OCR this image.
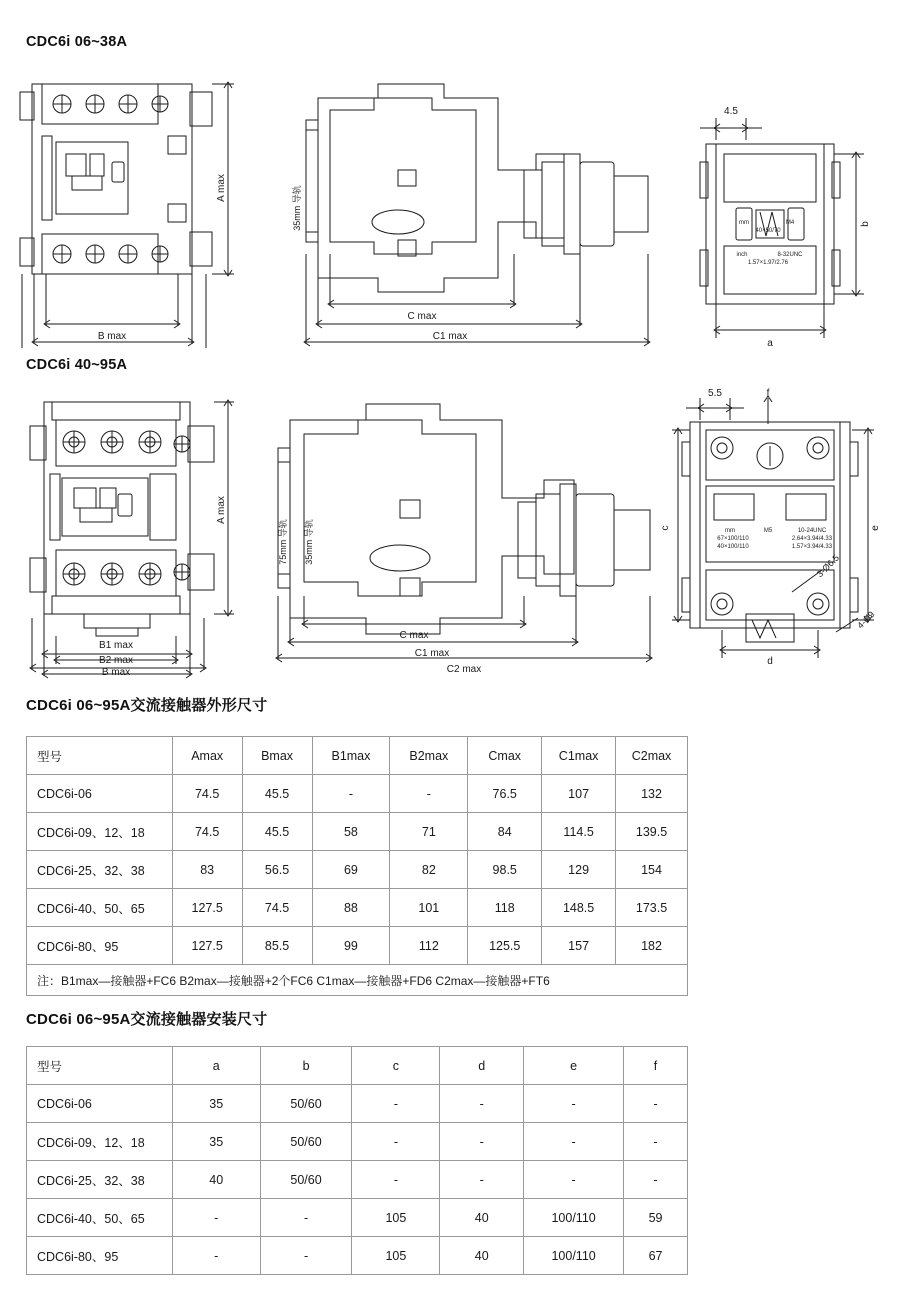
CDC6i 06~38A
A max
B max
35mm 导轨
C max
C1 max
4.5
b
a
mm	M4
40×50/70
inch	8-32UNC
1.57×1.97/2.76
CDC6i 40~95A
A max
B max
B1 max
B2 max
75mm 导轨 35mm 导轨
C max
C1 max
C2 max
5.5	f
c	e
d
3-Ø6.5
4-Ø9
mm	M5	10-24UNC
67×100/110	2.64×3.94/4.33
40×100/110	1.57×3.94/4.33
CDC6i 06~95A交流接触器外形尺寸
型号	Amax	Bmax	B1max	B2max	Cmax	C1max	C2max
CDC6i-06	74.5	45.5	-	-	76.5	107	132
CDC6i-09、12、18	74.5	45.5	58	71	84	114.5	139.5
CDC6i-25、32、38	83	56.5	69	82	98.5	129	154
CDC6i-40、50、65	127.5	74.5	88	101	118	148.5	173.5
CDC6i-80、95	127.5	85.5	99	112	125.5	157	182
注：B1max—接触器+FC6 B2max—接触器+2个FC6 C1max—接触器+FD6 C2max—接触器+FT6							
CDC6i 06~95A交流接触器安装尺寸
型号	a	b	c	d	e	f
CDC6i-06	35	50/60	-	-	-	-
CDC6i-09、12、18	35	50/60	-	-	-	-
CDC6i-25、32、38	40	50/60	-	-	-	-
CDC6i-40、50、65	-	-	105	40	100/110	59
CDC6i-80、95	-	-	105	40	100/110	67
